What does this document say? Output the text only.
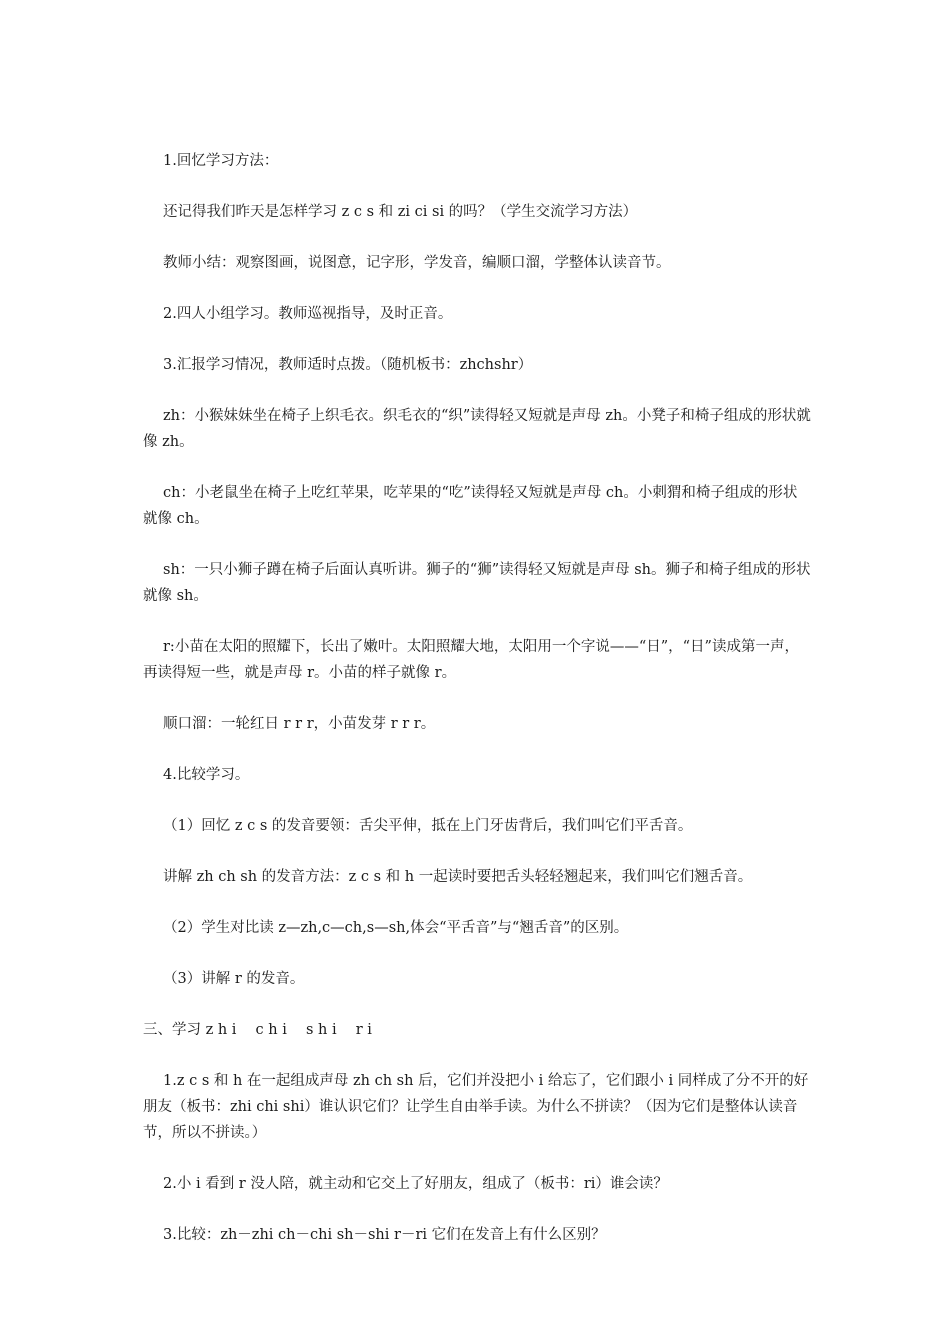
1.回忆学习方法：

还记得我们昨天是怎样学习 z c s 和 zi ci si 的吗？（学生交流学习方法）

教师小结：观察图画，说图意，记字形，学发音，编顺口溜，学整体认读音节。

2.四人小组学习。教师巡视指导，及时正音。

3.汇报学习情况，教师适时点拨。（随机板书：zhchshr）

zh：小猴妹妹坐在椅子上织毛衣。织毛衣的“织”读得轻又短就是声母 zh。小凳子和椅子组成的形状就像 zh。

ch：小老鼠坐在椅子上吃红苹果，吃苹果的“吃”读得轻又短就是声母 ch。小刺猬和椅子组成的形状就像 ch。

sh：一只小狮子蹲在椅子后面认真听讲。狮子的“狮”读得轻又短就是声母 sh。狮子和椅子组成的形状就像 sh。

r:小苗在太阳的照耀下，长出了嫩叶。太阳照耀大地，太阳用一个字说——“日”，“日”读成第一声，再读得短一些，就是声母 r。小苗的样子就像 r。

顺口溜：一轮红日 r r r，小苗发芽 r r r。

4.比较学习。

（1）回忆 z c s 的发音要领：舌尖平伸，抵在上门牙齿背后，我们叫它们平舌音。

讲解 zh ch sh 的发音方法：z c s 和 h 一起读时要把舌头轻轻翘起来，我们叫它们翘舌音。

（2）学生对比读 z—zh,c—ch,s—sh,体会“平舌音”与“翘舌音”的区别。

（3）讲解 r 的发音。

三、学习 z h i　 c h i　 s h i　 r i

1.z c s 和 h 在一起组成声母 zh ch sh 后，它们并没把小 i 给忘了，它们跟小 i 同样成了分不开的好朋友（板书：zhi chi shi）谁认识它们？让学生自由举手读。为什么不拼读？（因为它们是整体认读音节，所以不拼读。）

2.小 i 看到 r 没人陪，就主动和它交上了好朋友，组成了（板书：ri）谁会读？

3.比较：zh－zhi ch－chi sh－shi r－ri 它们在发音上有什么区别？
